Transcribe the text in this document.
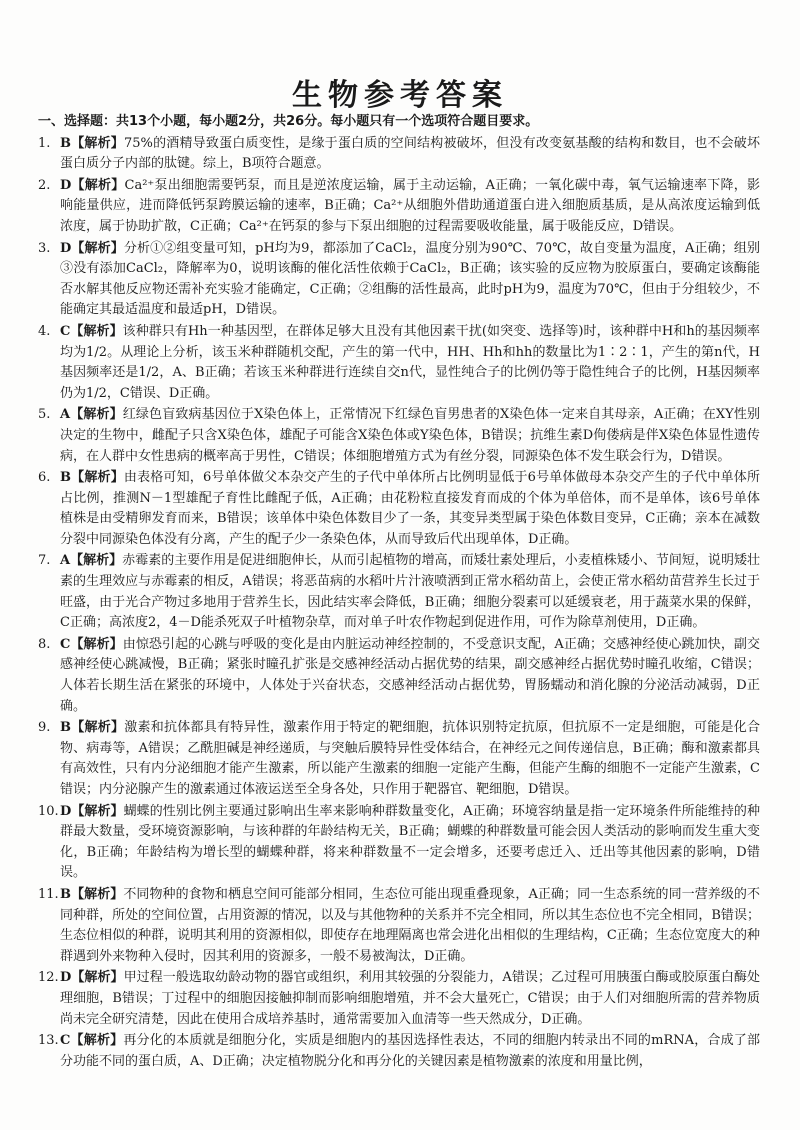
生物参考答案
一、选择题：共13个小题，每小题2分，共26分。每小题只有一个选项符合题目要求。
1. B【解析】75%的酒精导致蛋白质变性，是缘于蛋白质的空间结构被破坏，但没有改变氨基酸的结构和数目，也不会破坏蛋白质分子内部的肽键。综上，B项符合题意。
2. D【解析】Ca²⁺泵出细胞需要钙泵，而且是逆浓度运输，属于主动运输，A正确；一氧化碳中毒，氧气运输速率下降，影响能量供应，进而降低钙泵跨膜运输的速率，B正确；Ca²⁺从细胞外借助通道蛋白进入细胞质基质，是从高浓度运输到低浓度，属于协助扩散，C正确；Ca²⁺在钙泵的参与下泵出细胞的过程需要吸收能量，属于吸能反应，D错误。
3. D【解析】分析①②组变量可知，pH均为9，都添加了CaCl₂，温度分别为90℃、70℃，故自变量为温度，A正确；组别③没有添加CaCl₂，降解率为0，说明该酶的催化活性依赖于CaCl₂，B正确；该实验的反应物为胶原蛋白，要确定该酶能否水解其他反应物还需补充实验才能确定，C正确；②组酶的活性最高，此时pH为9，温度为70℃，但由于分组较少，不能确定其最适温度和最适pH，D错误。
4. C【解析】该种群只有Hh一种基因型，在群体足够大且没有其他因素干扰(如突变、选择等)时，该种群中H和h的基因频率均为1/2。从理论上分析，该玉米种群随机交配，产生的第一代中，HH、Hh和hh的数量比为1∶2∶1，产生的第n代，H基因频率还是1/2，A、B正确；若该玉米种群进行连续自交n代，显性纯合子的比例仍等于隐性纯合子的比例，H基因频率仍为1/2，C错误、D正确。
5. A【解析】红绿色盲致病基因位于X染色体上，正常情况下红绿色盲男患者的X染色体一定来自其母亲，A正确；在XY性别决定的生物中，雌配子只含X染色体，雄配子可能含X染色体或Y染色体，B错误；抗维生素D佝偻病是伴X染色体显性遗传病，在人群中女性患病的概率高于男性，C错误；体细胞增殖方式为有丝分裂，同源染色体不发生联会行为，D错误。
6. B【解析】由表格可知，6号单体做父本杂交产生的子代中单体所占比例明显低于6号单体做母本杂交产生的子代中单体所占比例，推测N－1型雄配子育性比雌配子低，A正确；由花粉粒直接发育而成的个体为单倍体，而不是单体，该6号单体植株是由受精卵发育而来，B错误；该单体中染色体数目少了一条，其变异类型属于染色体数目变异，C正确；亲本在减数分裂中同源染色体没有分离，产生的配子少一条染色体，从而导致后代出现单体，D正确。
7. A【解析】赤霉素的主要作用是促进细胞伸长，从而引起植物的增高，而矮壮素处理后，小麦植株矮小、节间短，说明矮壮素的生理效应与赤霉素的相反，A错误；将恶苗病的水稻叶片汁液喷洒到正常水稻幼苗上，会使正常水稻幼苗营养生长过于旺盛，由于光合产物过多地用于营养生长，因此结实率会降低，B正确；细胞分裂素可以延缓衰老，用于蔬菜水果的保鲜，C正确；高浓度2，4－D能杀死双子叶植物杂草，而对单子叶农作物起到促进作用，可作为除草剂使用，D正确。
8. C【解析】由惊恐引起的心跳与呼吸的变化是由内脏运动神经控制的，不受意识支配，A正确；交感神经使心跳加快，副交感神经使心跳减慢，B正确；紧张时瞳孔扩张是交感神经活动占据优势的结果，副交感神经占据优势时瞳孔收缩，C错误；人体若长期生活在紧张的环境中，人体处于兴奋状态，交感神经活动占据优势，胃肠蠕动和消化腺的分泌活动减弱，D正确。
9. B【解析】激素和抗体都具有特异性，激素作用于特定的靶细胞，抗体识别特定抗原，但抗原不一定是细胞，可能是化合物、病毒等，A错误；乙酰胆碱是神经递质，与突触后膜特异性受体结合，在神经元之间传递信息，B正确；酶和激素都具有高效性，只有内分泌细胞才能产生激素，所以能产生激素的细胞一定能产生酶，但能产生酶的细胞不一定能产生激素，C错误；内分泌腺产生的激素通过体液运送至全身各处，只作用于靶器官、靶细胞，D错误。
10. D【解析】蝴蝶的性别比例主要通过影响出生率来影响种群数量变化，A正确；环境容纳量是指一定环境条件所能维持的种群最大数量，受环境资源影响，与该种群的年龄结构无关，B正确；蝴蝶的种群数量可能会因人类活动的影响而发生重大变化，B正确；年龄结构为增长型的蝴蝶种群，将来种群数量不一定会增多，还要考虑迁入、迁出等其他因素的影响，D错误。
11. B【解析】不同物种的食物和栖息空间可能部分相同，生态位可能出现重叠现象，A正确；同一生态系统的同一营养级的不同种群，所处的空间位置，占用资源的情况，以及与其他物种的关系并不完全相同，所以其生态位也不完全相同，B错误；生态位相似的种群，说明其利用的资源相似，即使存在地理隔离也常会进化出相似的生理结构，C正确；生态位宽度大的种群遇到外来物种入侵时，因其利用的资源多，一般不易被淘汰，D正确。
12. D【解析】甲过程一般选取幼龄动物的器官或组织，利用其较强的分裂能力，A错误；乙过程可用胰蛋白酶或胶原蛋白酶处理细胞，B错误；丁过程中的细胞因接触抑制而影响细胞增殖，并不会大量死亡，C错误；由于人们对细胞所需的营养物质尚未完全研究清楚，因此在使用合成培养基时，通常需要加入血清等一些天然成分，D正确。
13. C【解析】再分化的本质就是细胞分化，实质是细胞内的基因选择性表达，不同的细胞内转录出不同的mRNA，合成了部分功能不同的蛋白质，A、D正确；决定植物脱分化和再分化的关键因素是植物激素的浓度和用量比例，
